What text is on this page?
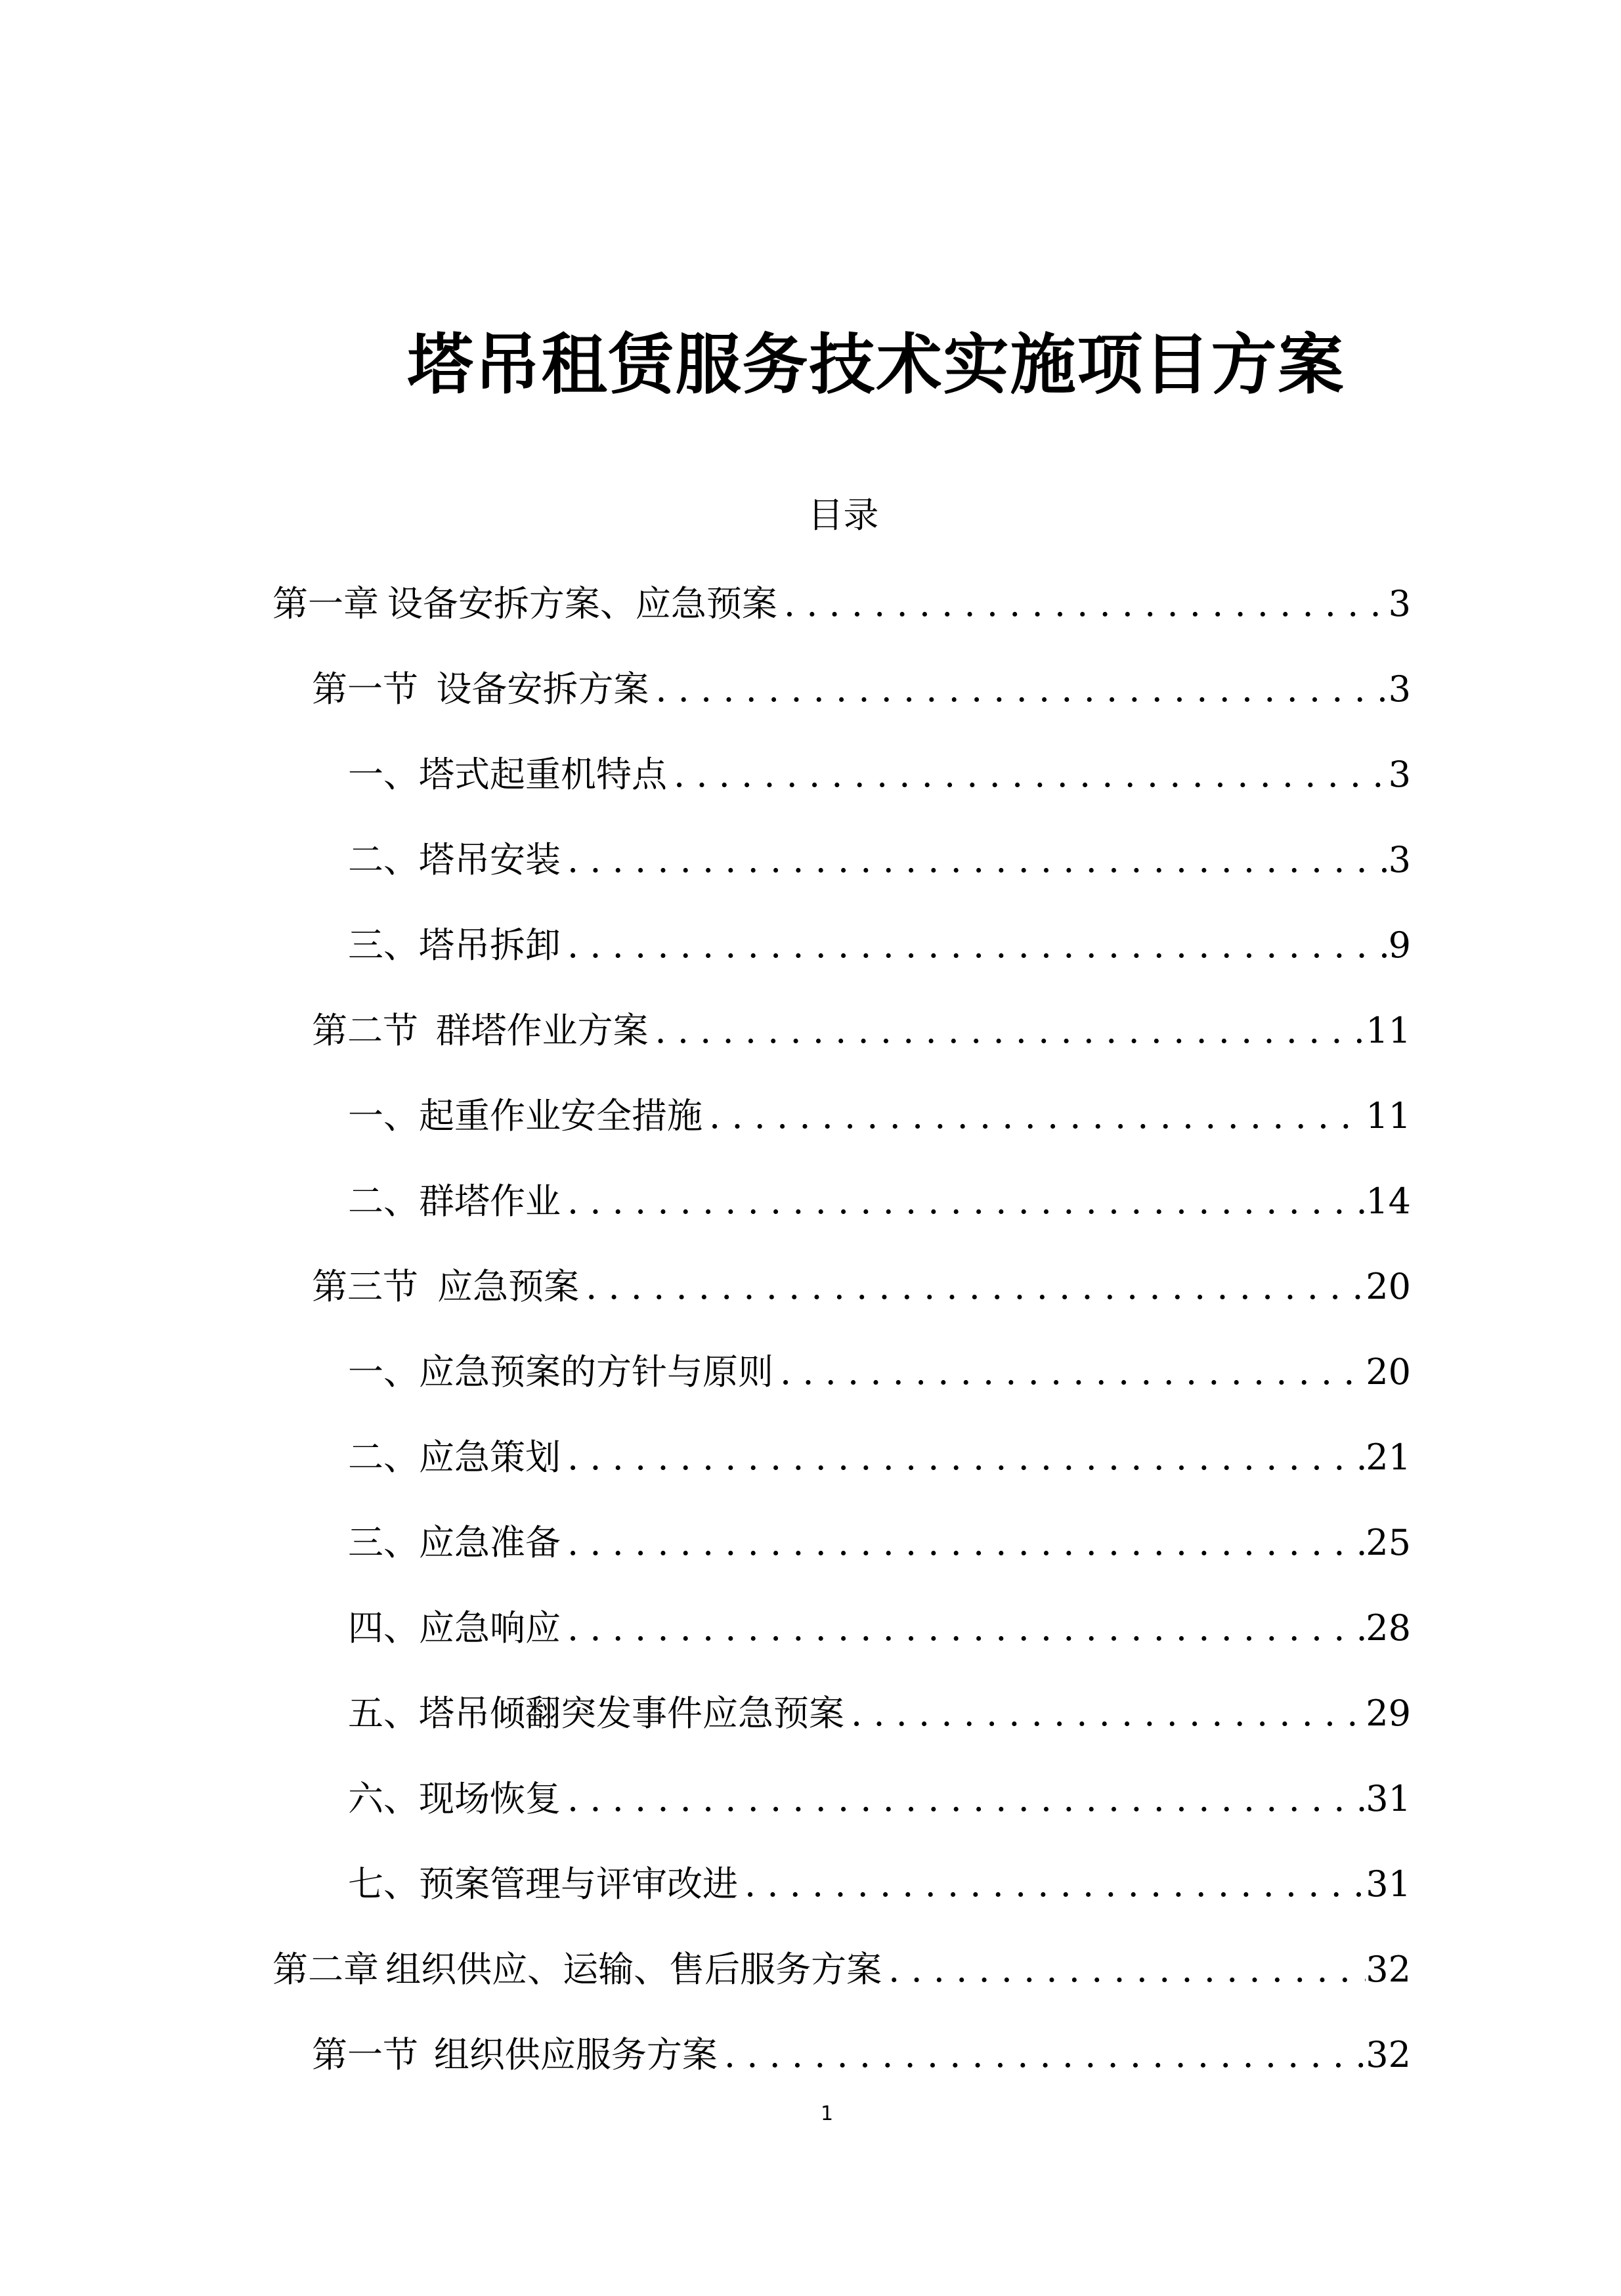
塔吊租赁服务技术实施项目方案
目录
第一章 设备安拆方案、应急预案 . . .	3
第一节 设备安拆方案 . . .	3
一、塔式起重机特点 . . .	3
二、塔吊安装 . . .	3
三、塔吊拆卸 . . .	9
第二节 群塔作业方案 . . .	11
一、起重作业安全措施 . . .	11
二、群塔作业 . . .	14
第三节 应急预案 . . .	20
一、应急预案的方针与原则 . . .	20
二、应急策划 . . .	21
三、应急准备 . . .	25
四、应急响应 . . .	28
五、塔吊倾翻突发事件应急预案 . . .	29
六、现场恢复 . . .	31
七、预案管理与评审改进 . . .	31
第二章 组织供应、运输、售后服务方案 . . .	32
第一节 组织供应服务方案 . . .	32
1
